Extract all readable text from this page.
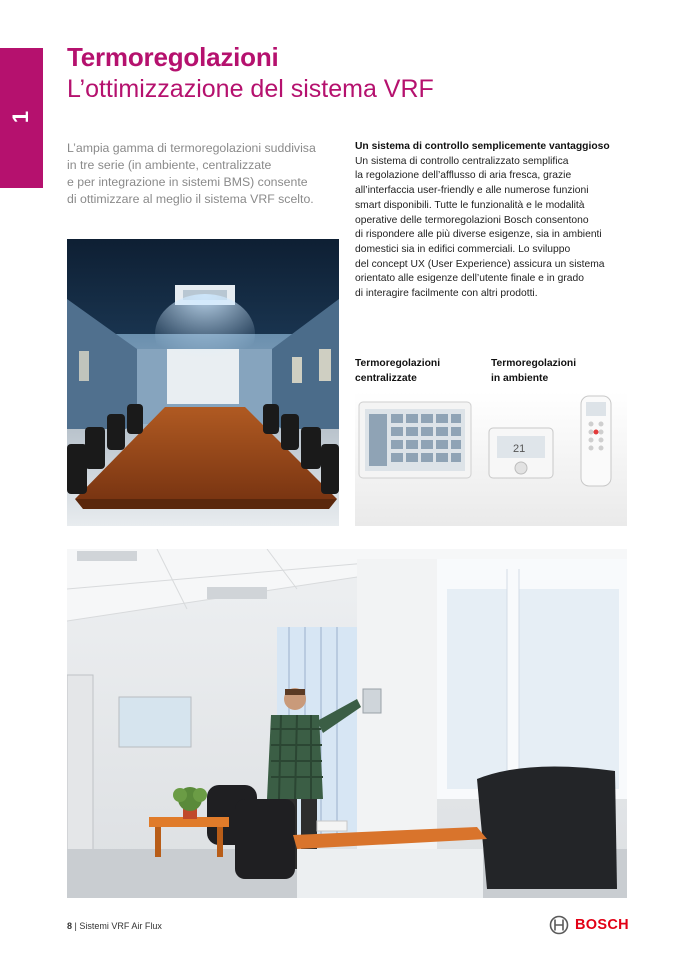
1
Termoregolazioni
L’ottimizzazione del sistema VRF
L’ampia gamma di termoregolazioni suddivisa
in tre serie (in ambiente, centralizzate
e per integrazione in sistemi BMS) consente
di ottimizzare al meglio il sistema VRF scelto.
Un sistema di controllo semplicemente vantaggioso
Un sistema di controllo centralizzato semplifica
la regolazione dell’afflusso di aria fresca, grazie
all’interfaccia user-friendly e alle numerose funzioni
smart disponibili. Tutte le funzionalità e le modalità
operative delle termoregolazioni Bosch consentono
di rispondere alle più diverse esigenze, sia in ambienti
domestici sia in edifici commerciali. Lo sviluppo
del concept UX (User Experience) assicura un sistema
orientato alle esigenze dell’utente finale e in grado
di interagire facilmente con altri prodotti.
Termoregolazioni
centralizzate
Termoregolazioni
in ambiente
21
8 | Sistemi VRF Air Flux	BOSCH
